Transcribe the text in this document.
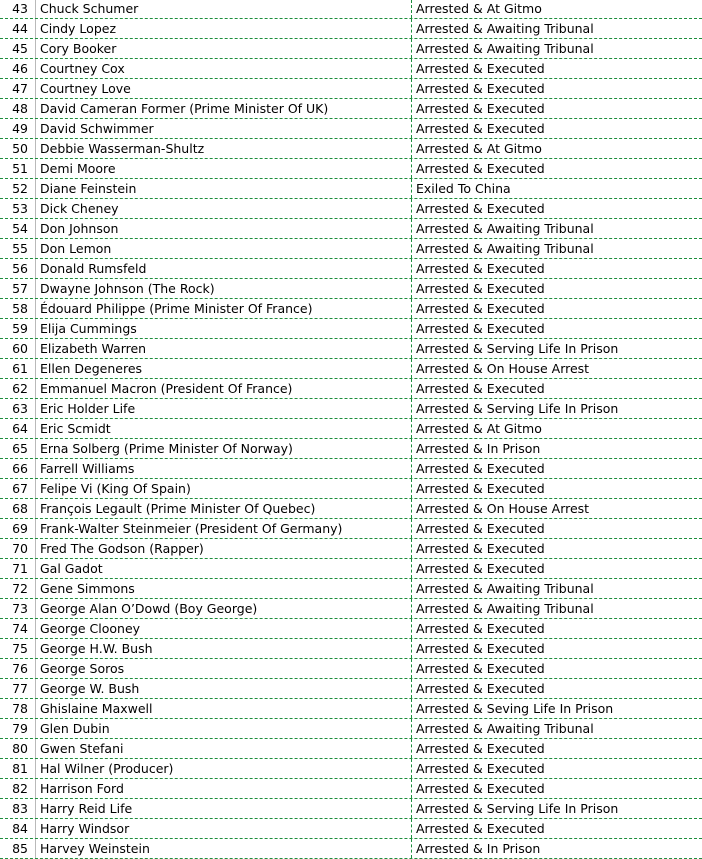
43 Chuck Schumer	Arrested & At Gitmo
44 Cindy Lopez	Arrested & Awaiting Tribunal
45 Cory Booker	Arrested & Awaiting Tribunal
46 Courtney Cox	Arrested & Executed
47 Courtney Love	Arrested & Executed
48 David Cameran Former (Prime Minister Of UK)	Arrested & Executed
49 David Schwimmer	Arrested & Executed
50 Debbie Wasserman-Shultz	Arrested & At Gitmo
51 Demi Moore	Arrested & Executed
52 Diane Feinstein	Exiled To China
53 Dick Cheney	Arrested & Executed
54 Don Johnson	Arrested & Awaiting Tribunal
55 Don Lemon	Arrested & Awaiting Tribunal
56 Donald Rumsfeld	Arrested & Executed
57 Dwayne Johnson (The Rock)	Arrested & Executed
58 Édouard Philippe (Prime Minister Of France)	Arrested & Executed
59 Elija Cummings	Arrested & Executed
60 Elizabeth Warren	Arrested & Serving Life In Prison
61 Ellen Degeneres	Arrested & On House Arrest
62 Emmanuel Macron (President Of France)	Arrested & Executed
63 Eric Holder Life	Arrested & Serving Life In Prison
64 Eric Scmidt	Arrested & At Gitmo
65 Erna Solberg (Prime Minister Of Norway)	Arrested & In Prison
66 Farrell Williams	Arrested & Executed
67 Felipe Vi (King Of Spain)	Arrested & Executed
68 François Legault (Prime Minister Of Quebec)	Arrested & On House Arrest
69 Frank-Walter Steinmeier (President Of Germany)	Arrested & Executed
70 Fred The Godson (Rapper)	Arrested & Executed
71 Gal Gadot	Arrested & Executed
72 Gene Simmons	Arrested & Awaiting Tribunal
73 George Alan O’Dowd (Boy George)	Arrested & Awaiting Tribunal
74 George Clooney	Arrested & Executed
75 George H.W. Bush	Arrested & Executed
76 George Soros	Arrested & Executed
77 George W. Bush	Arrested & Executed
78 Ghislaine Maxwell	Arrested & Seving Life In Prison
79 Glen Dubin	Arrested & Awaiting Tribunal
80 Gwen Stefani	Arrested & Executed
81 Hal Wilner (Producer)	Arrested & Executed
82 Harrison Ford	Arrested & Executed
83 Harry Reid Life	Arrested & Serving Life In Prison
84 Harry Windsor	Arrested & Executed
85 Harvey Weinstein	Arrested & In Prison
